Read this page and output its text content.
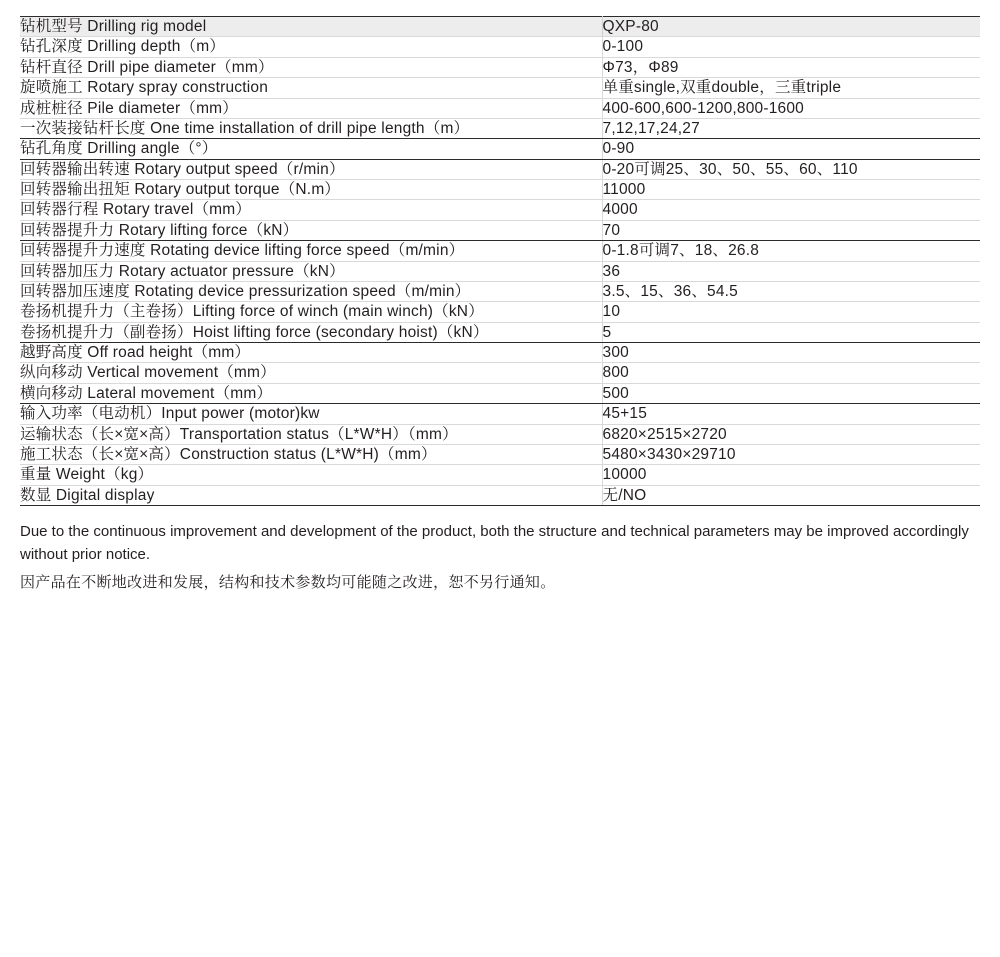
钻机型号 Drilling rig model	QXP-80
钻孔深度 Drilling depth（m）	0-100
钻杆直径 Drill pipe diameter（mm）	Φ73，Φ89
旋喷施工 Rotary spray construction	单重single,双重double，三重triple
成桩桩径 Pile diameter（mm）	400-600,600-1200,800-1600
一次装接钻杆长度 One time installation of drill pipe length（m）	7,12,17,24,27
钻孔角度 Drilling angle（°）	0-90
回转器输出转速 Rotary output speed（r/min）	0-20可调25、30、50、55、60、110
回转器输出扭矩 Rotary output torque（N.m）	11000
回转器行程 Rotary travel（mm）	4000
回转器提升力 Rotary lifting force（kN）	70
回转器提升力速度 Rotating device lifting force speed（m/min）	0-1.8可调7、18、26.8
回转器加压力 Rotary actuator pressure（kN）	36
回转器加压速度 Rotating device pressurization speed（m/min）	3.5、15、36、54.5
卷扬机提升力（主卷扬）Lifting force of winch (main winch)（kN）	10
卷扬机提升力（副卷扬）Hoist lifting force (secondary hoist)（kN）	5
越野高度 Off road height（mm）	300
纵向移动 Vertical movement（mm）	800
横向移动 Lateral movement（mm）	500
输入功率（电动机）Input power (motor)kw	45+15
运输状态（长×宽×高）Transportation status（L*W*H）（mm）	6820×2515×2720
施工状态（长×宽×高）Construction status (L*W*H)（mm）	5480×3430×29710
重量 Weight（kg）	10000
数显 Digital display	无/NO

Due to the continuous improvement and development of the product, both the structure and technical parameters may be improved accordingly without prior notice.

因产品在不断地改进和发展，结构和技术参数均可能随之改进，恕不另行通知。
